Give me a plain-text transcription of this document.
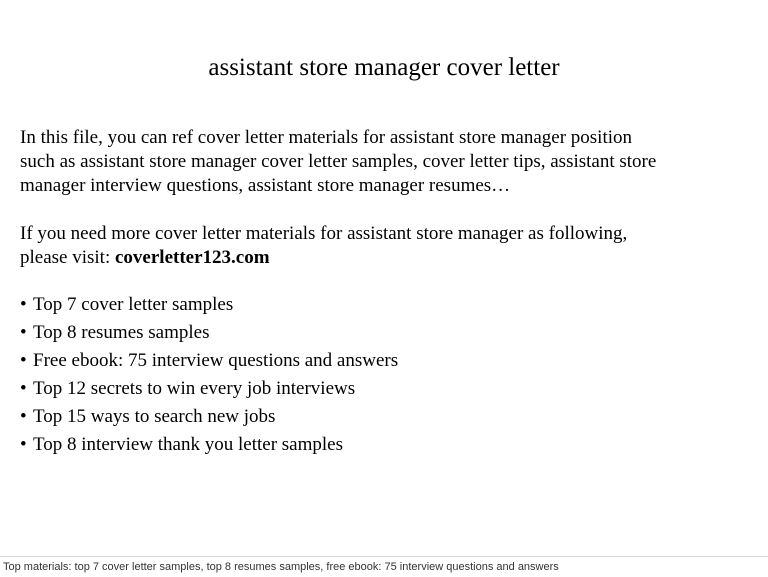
assistant store manager cover letter
In this file, you can ref cover letter materials for assistant store manager position
such as assistant store manager cover letter samples, cover letter tips, assistant store
manager interview questions, assistant store manager resumes…
If you need more cover letter materials for assistant store manager as following,
please visit: coverletter123.com
• Top 7 cover letter samples
• Top 8 resumes samples
• Free ebook: 75 interview questions and answers
• Top 12 secrets to win every job interviews
• Top 15 ways to search new jobs
• Top 8 interview thank you letter samples
Top materials: top 7 cover letter samples, top 8 resumes samples, free ebook: 75 interview questions and answers
